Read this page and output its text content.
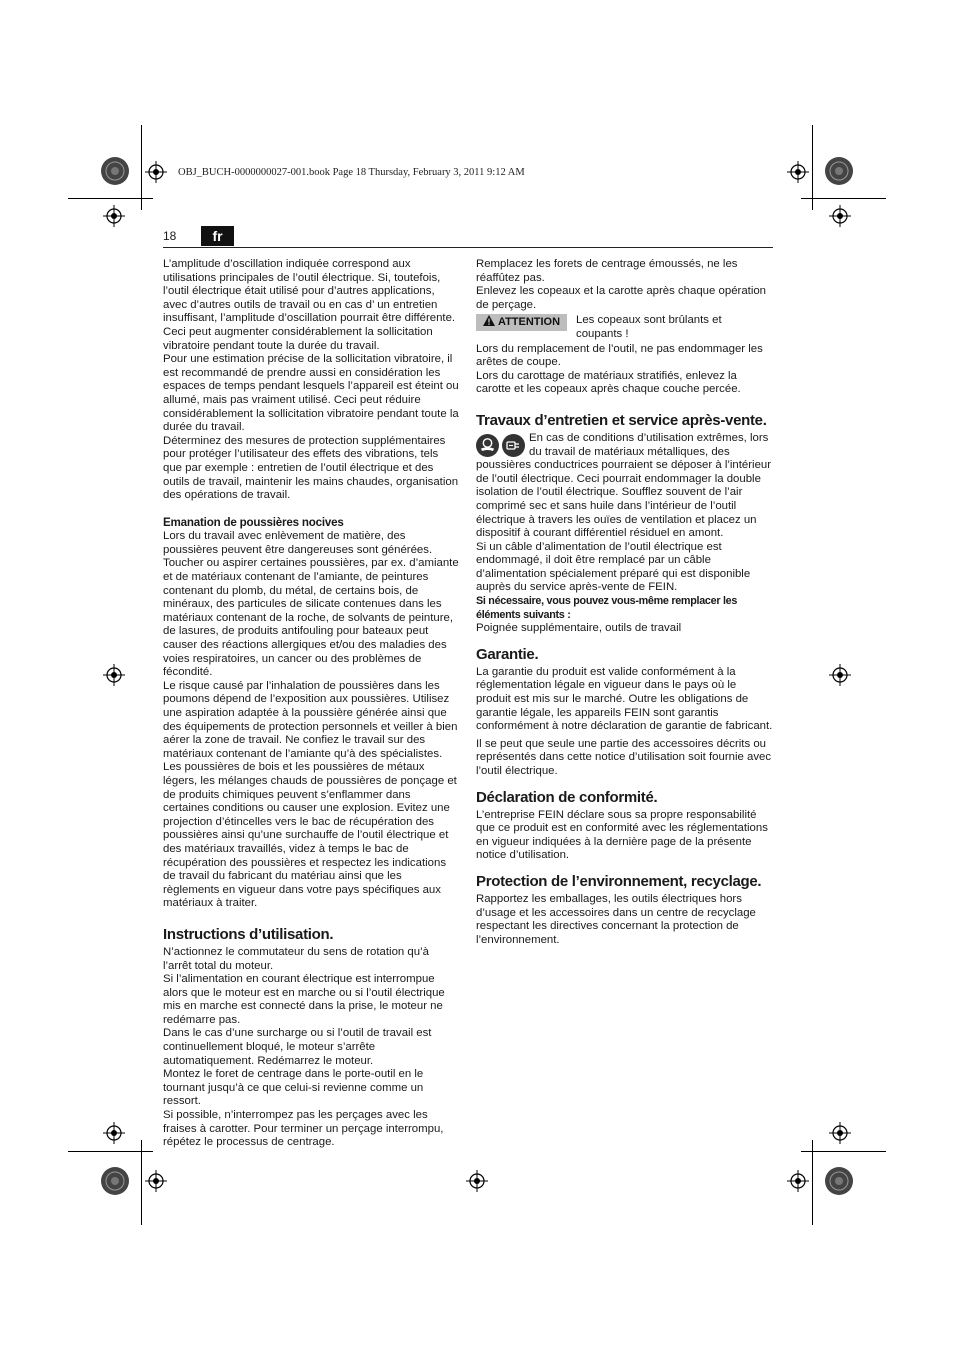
OBJ_BUCH-0000000027-001.book Page 18 Thursday, February 3, 2011 9:12 AM
18	fr

L’amplitude d’oscillation indiquée correspond aux utilisations principales de l’outil électrique. Si, toutefois, l’outil électrique était utilisé pour d’autres applications, avec d’autres outils de travail ou en cas d’ un entretien insuffisant, l’amplitude d’oscillation pourrait être différente. Ceci peut augmenter considérablement la sollicitation vibratoire pendant toute la durée du travail.

Pour une estimation précise de la sollicitation vibratoire, il est recommandé de prendre aussi en considération les espaces de temps pendant lesquels l’appareil est éteint ou allumé, mais pas vraiment utilisé. Ceci peut réduire considérablement la sollicitation vibratoire pendant toute la durée du travail.

Déterminez des mesures de protection supplémentaires pour protéger l’utilisateur des effets des vibrations, tels que par exemple : entretien de l’outil électrique et des outils de travail, maintenir les mains chaudes, organisation des opérations de travail.

Emanation de poussières nocives

Lors du travail avec enlèvement de matière, des poussières peuvent être dangereuses sont générées.

Toucher ou aspirer certaines poussières, par ex. d’amiante et de matériaux contenant de l’amiante, de peintures contenant du plomb, du métal, de certains bois, de minéraux, des particules de silicate contenues dans les matériaux contenant de la roche, de solvants de peinture, de lasures, de produits antifouling pour bateaux peut causer des réactions allergiques et/ou des maladies des voies respiratoires, un cancer ou des problèmes de fécondité.

Le risque causé par l’inhalation de poussières dans les poumons dépend de l’exposition aux poussières. Utilisez une aspiration adaptée à la poussière générée ainsi que des équipements de protection personnels et veiller à bien aérer la zone de travail. Ne confiez le travail sur des matériaux contenant de l’amiante qu’à des spécialistes.

Les poussières de bois et les poussières de métaux légers, les mélanges chauds de poussières de ponçage et de produits chimiques peuvent s’enflammer dans certaines conditions ou causer une explosion. Evitez une projection d’étincelles vers le bac de récupération des poussières ainsi qu’une surchauffe de l’outil électrique et des matériaux travaillés, videz à temps le bac de récupération des poussières et respectez les indications de travail du fabricant du matériau ainsi que les règlements en vigueur dans votre pays spécifiques aux matériaux à traiter.

Instructions d’utilisation.

N’actionnez le commutateur du sens de rotation qu’à l’arrêt total du moteur.

Si l’alimentation en courant électrique est interrompue alors que le moteur est en marche ou si l’outil électrique mis en marche est connecté dans la prise, le moteur ne redémarre pas.

Dans le cas d’une surcharge ou si l’outil de travail est continuellement bloqué, le moteur s’arrête automatiquement. Redémarrez le moteur.

Montez le foret de centrage dans le porte-outil en le tournant jusqu’à ce que celui-si revienne comme un ressort.

Si possible, n’interrompez pas les perçages avec les fraises à carotter. Pour terminer un perçage interrompu, répétez le processus de centrage.

Remplacez les forets de centrage émoussés, ne les réaffûtez pas.

Enlevez les copeaux et la carotte après chaque opération de perçage.

ATTENTION Les copeaux sont brûlants et coupants !

Lors du remplacement de l’outil, ne pas endommager les arêtes de coupe.

Lors du carottage de matériaux stratifiés, enlevez la carotte et les copeaux après chaque couche percée.

Travaux d’entretien et service après-vente.

En cas de conditions d’utilisation extrêmes, lors du travail de matériaux métalliques, des poussières conductrices pourraient se déposer à l’intérieur de l’outil électrique. Ceci pourrait endommager la double isolation de l’outil électrique. Soufflez souvent de l’air comprimé sec et sans huile dans l’intérieur de l’outil électrique à travers les ouïes de ventilation et placez un dispositif à courant différentiel résiduel en amont.

Si un câble d’alimentation de l’outil électrique est endommagé, il doit être remplacé par un câble d’alimentation spécialement préparé qui est disponible auprès du service après-vente de FEIN.

Si nécessaire, vous pouvez vous-même remplacer les éléments suivants :

Poignée supplémentaire, outils de travail

Garantie.

La garantie du produit est valide conformément à la réglementation légale en vigueur dans le pays où le produit est mis sur le marché. Outre les obligations de garantie légale, les appareils FEIN sont garantis conformément à notre déclaration de garantie de fabricant.

Il se peut que seule une partie des accessoires décrits ou représentés dans cette notice d’utilisation soit fournie avec l’outil électrique.

Déclaration de conformité.

L’entreprise FEIN déclare sous sa propre responsabilité que ce produit est en conformité avec les réglementations en vigueur indiquées à la dernière page de la présente notice d’utilisation.

Protection de l’environnement, recyclage.

Rapportez les emballages, les outils électriques hors d’usage et les accessoires dans un centre de recyclage respectant les directives concernant la protection de l’environnement.
